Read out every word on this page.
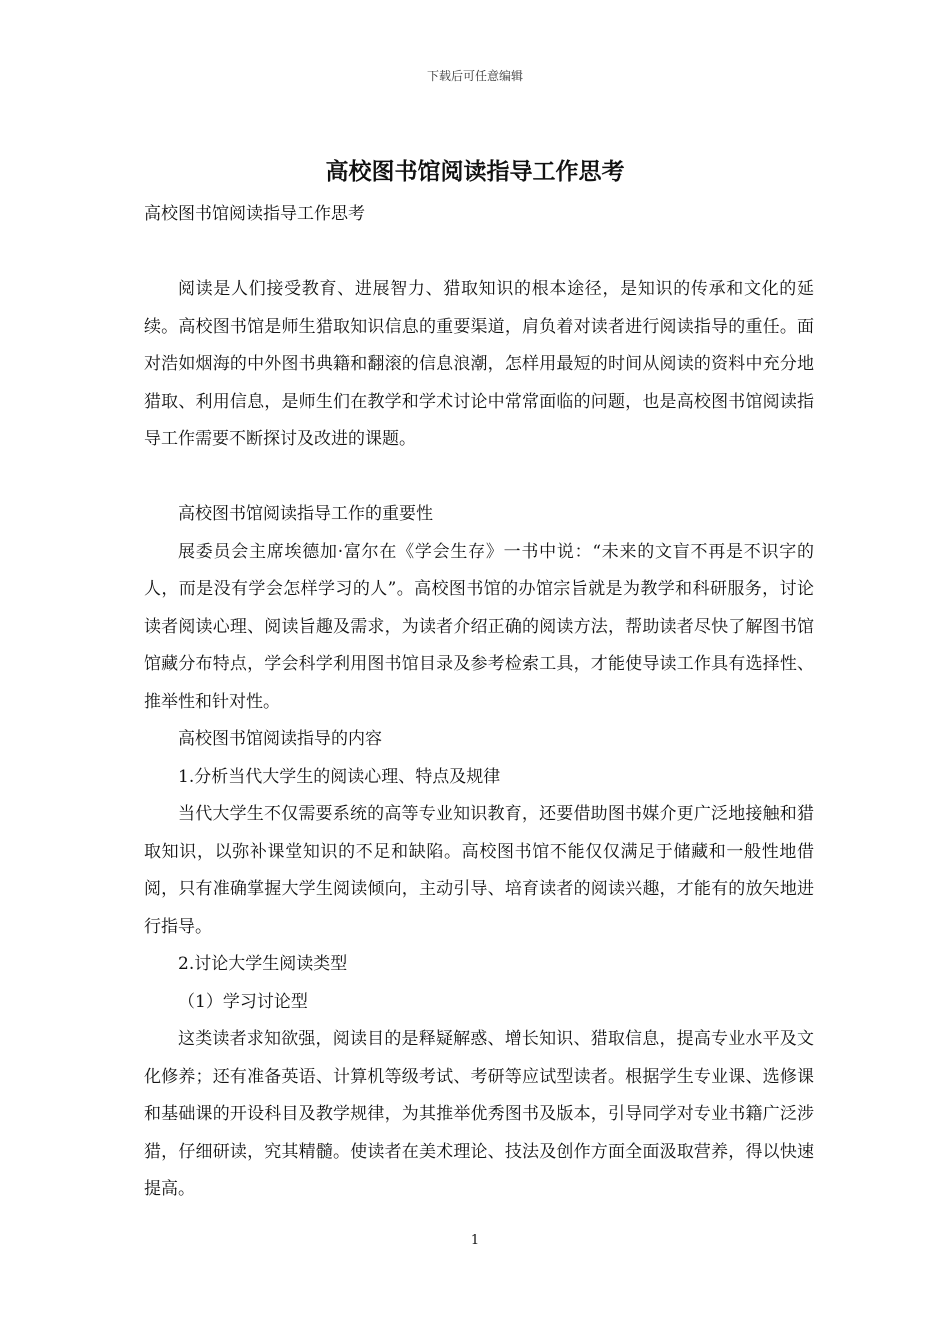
下载后可任意编辑
高校图书馆阅读指导工作思考

高校图书馆阅读指导工作思考

阅读是人们接受教育、进展智力、猎取知识的根本途径，是知识的传承和文化的延续。高校图书馆是师生猎取知识信息的重要渠道，肩负着对读者进行阅读指导的重任。面对浩如烟海的中外图书典籍和翻滚的信息浪潮，怎样用最短的时间从阅读的资料中充分地猎取、利用信息，是师生们在教学和学术讨论中常常面临的问题，也是高校图书馆阅读指导工作需要不断探讨及改进的课题。

高校图书馆阅读指导工作的重要性

展委员会主席埃德加·富尔在《学会生存》一书中说：“未来的文盲不再是不识字的人，而是没有学会怎样学习的人”。高校图书馆的办馆宗旨就是为教学和科研服务，讨论读者阅读心理、阅读旨趣及需求，为读者介绍正确的阅读方法，帮助读者尽快了解图书馆馆藏分布特点，学会科学利用图书馆目录及参考检索工具，才能使导读工作具有选择性、推举性和针对性。

高校图书馆阅读指导的内容

1.分析当代大学生的阅读心理、特点及规律

当代大学生不仅需要系统的高等专业知识教育，还要借助图书媒介更广泛地接触和猎取知识，以弥补课堂知识的不足和缺陷。高校图书馆不能仅仅满足于储藏和一般性地借阅，只有准确掌握大学生阅读倾向，主动引导、培育读者的阅读兴趣，才能有的放矢地进行指导。

2.讨论大学生阅读类型

（1）学习讨论型

这类读者求知欲强，阅读目的是释疑解惑、增长知识、猎取信息，提高专业水平及文化修养；还有准备英语、计算机等级考试、考研等应试型读者。根据学生专业课、选修课和基础课的开设科目及教学规律，为其推举优秀图书及版本，引导同学对专业书籍广泛涉猎，仔细研读，究其精髓。使读者在美术理论、技法及创作方面全面汲取营养，得以快速提高。

1
